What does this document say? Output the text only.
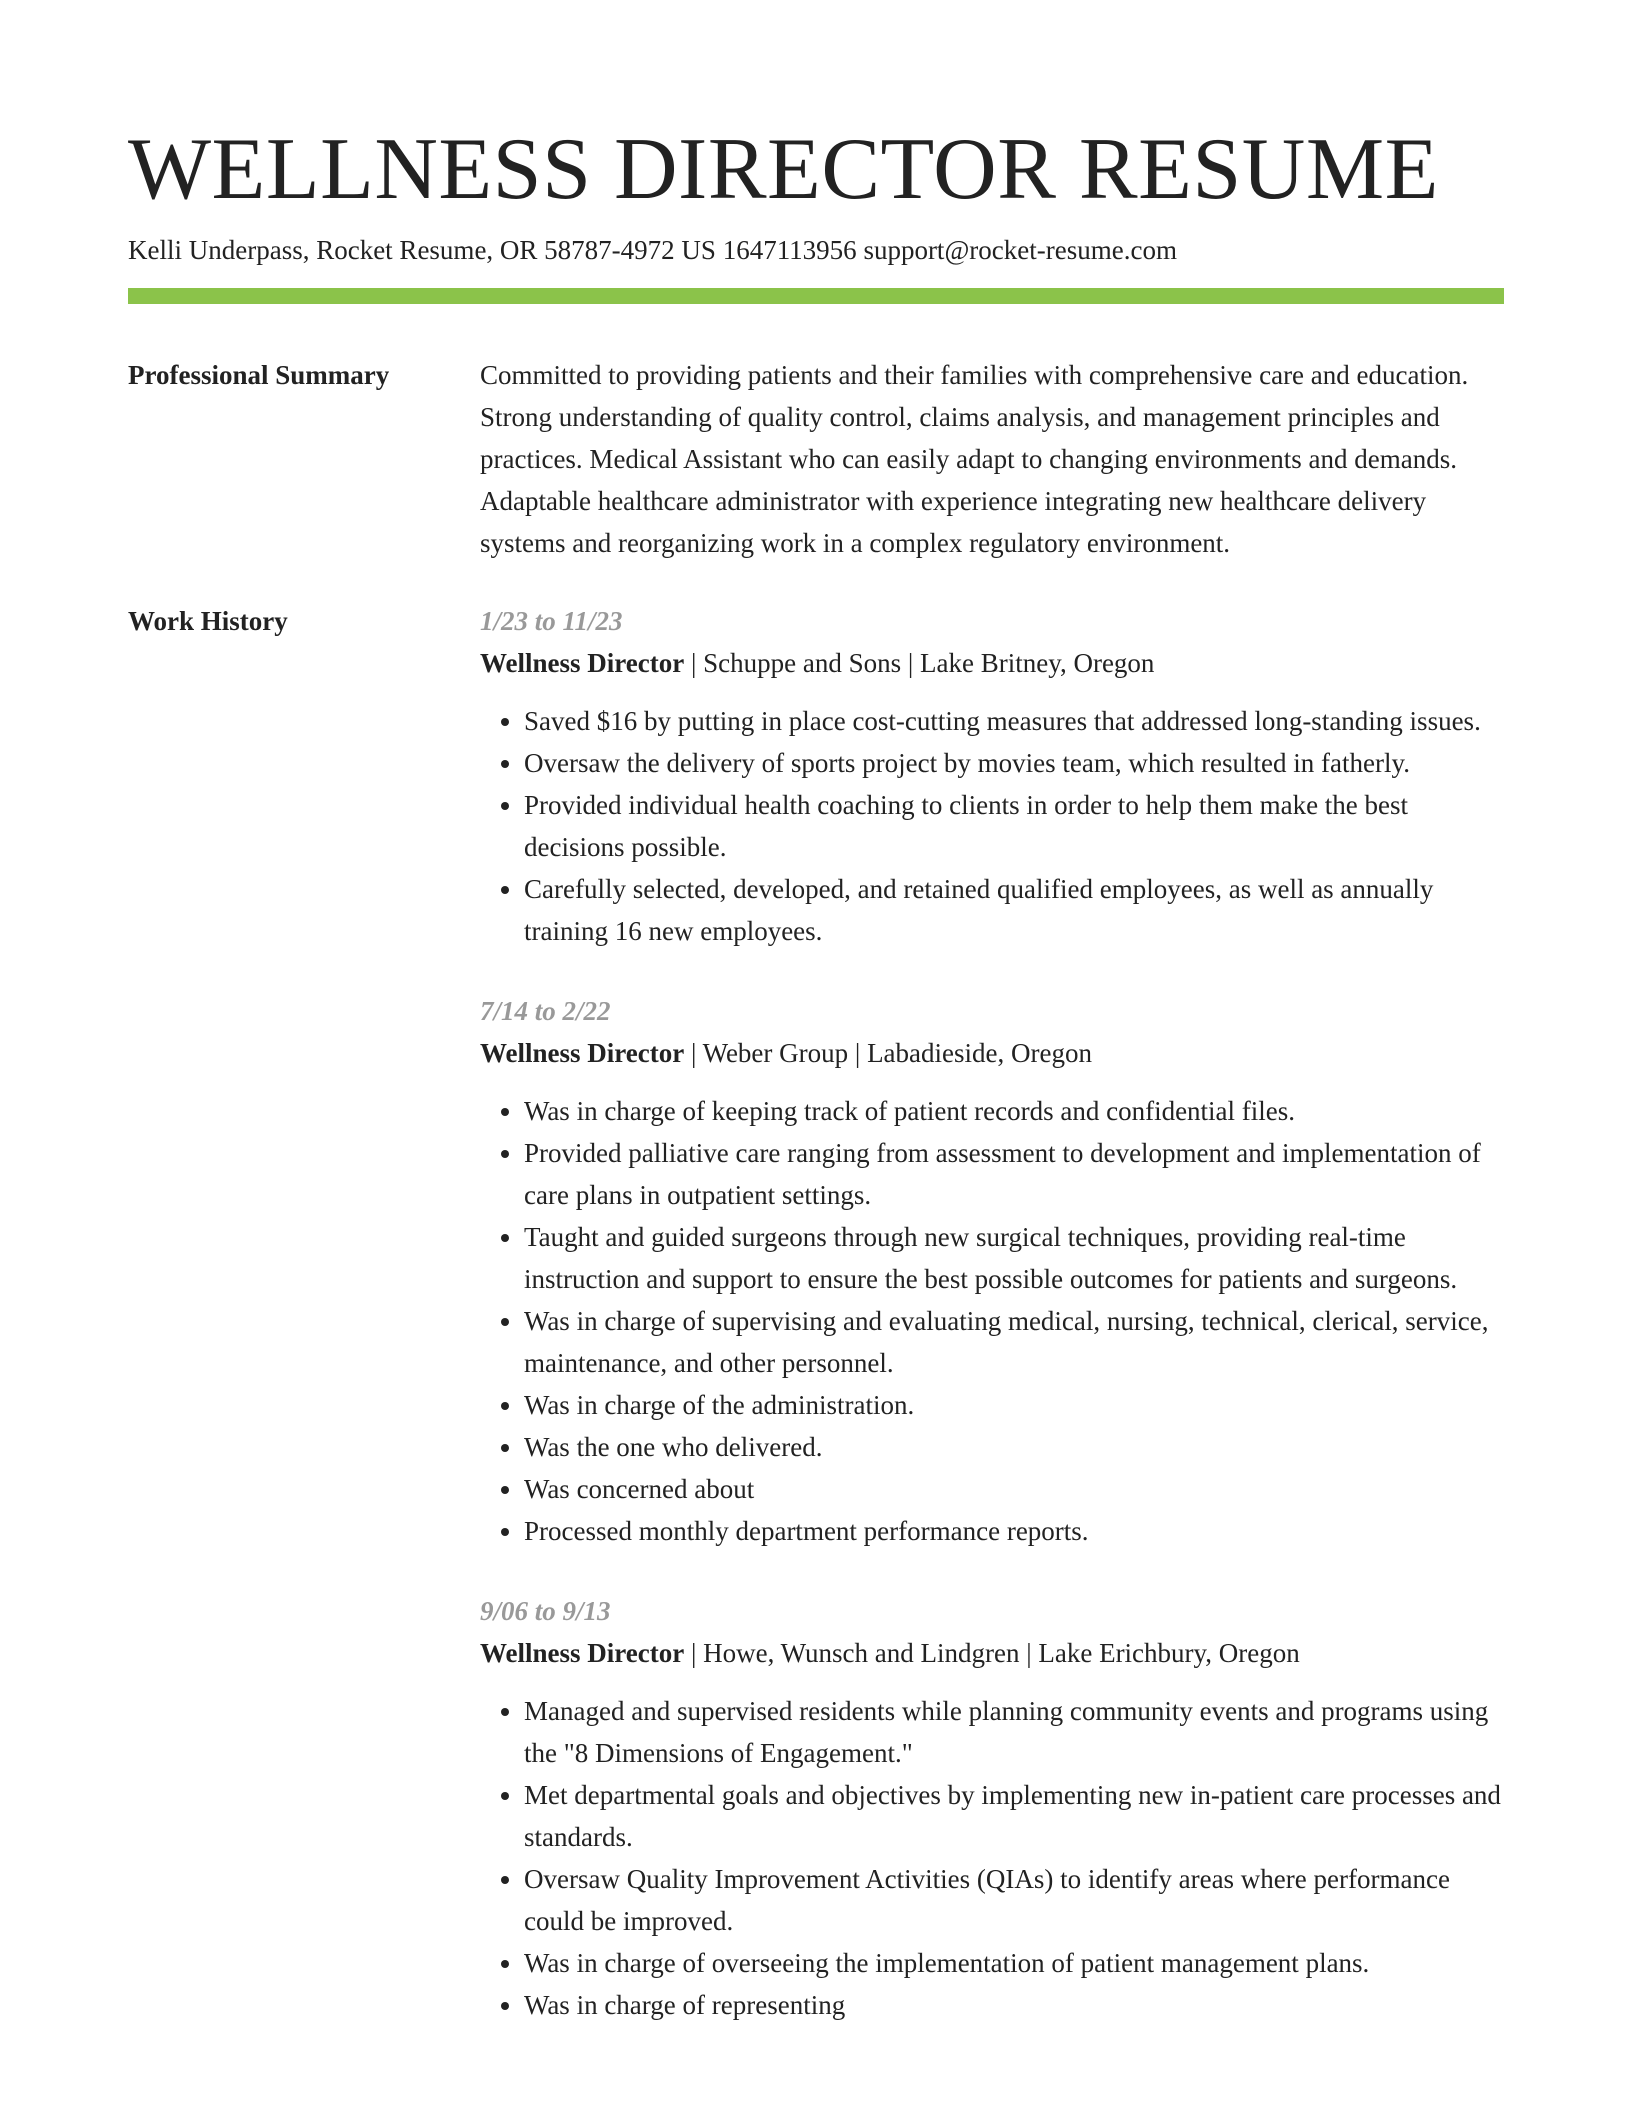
WELLNESS DIRECTOR RESUME
Kelli Underpass, Rocket Resume, OR 58787-4972 US 1647113956 support@rocket-resume.com
Professional Summary	Committed to providing patients and their families with comprehensive care and education. Strong understanding of quality control, claims analysis, and management principles and practices. Medical Assistant who can easily adapt to changing environments and demands. Adaptable healthcare administrator with experience integrating new healthcare delivery systems and reorganizing work in a complex regulatory environment.
Work History	1/23 to 11/23
Wellness Director | Schuppe and Sons | Lake Britney, Oregon
• Saved $16 by putting in place cost-cutting measures that addressed long-standing issues.
• Oversaw the delivery of sports project by movies team, which resulted in fatherly.
• Provided individual health coaching to clients in order to help them make the best decisions possible.
• Carefully selected, developed, and retained qualified employees, as well as annually training 16 new employees.
7/14 to 2/22
Wellness Director | Weber Group | Labadieside, Oregon
• Was in charge of keeping track of patient records and confidential files.
• Provided palliative care ranging from assessment to development and implementation of care plans in outpatient settings.
• Taught and guided surgeons through new surgical techniques, providing real-time instruction and support to ensure the best possible outcomes for patients and surgeons.
• Was in charge of supervising and evaluating medical, nursing, technical, clerical, service, maintenance, and other personnel.
• Was in charge of the administration.
• Was the one who delivered.
• Was concerned about
• Processed monthly department performance reports.
9/06 to 9/13
Wellness Director | Howe, Wunsch and Lindgren | Lake Erichbury, Oregon
• Managed and supervised residents while planning community events and programs using the "8 Dimensions of Engagement."
• Met departmental goals and objectives by implementing new in-patient care processes and standards.
• Oversaw Quality Improvement Activities (QIAs) to identify areas where performance could be improved.
• Was in charge of overseeing the implementation of patient management plans.
• Was in charge of representing
